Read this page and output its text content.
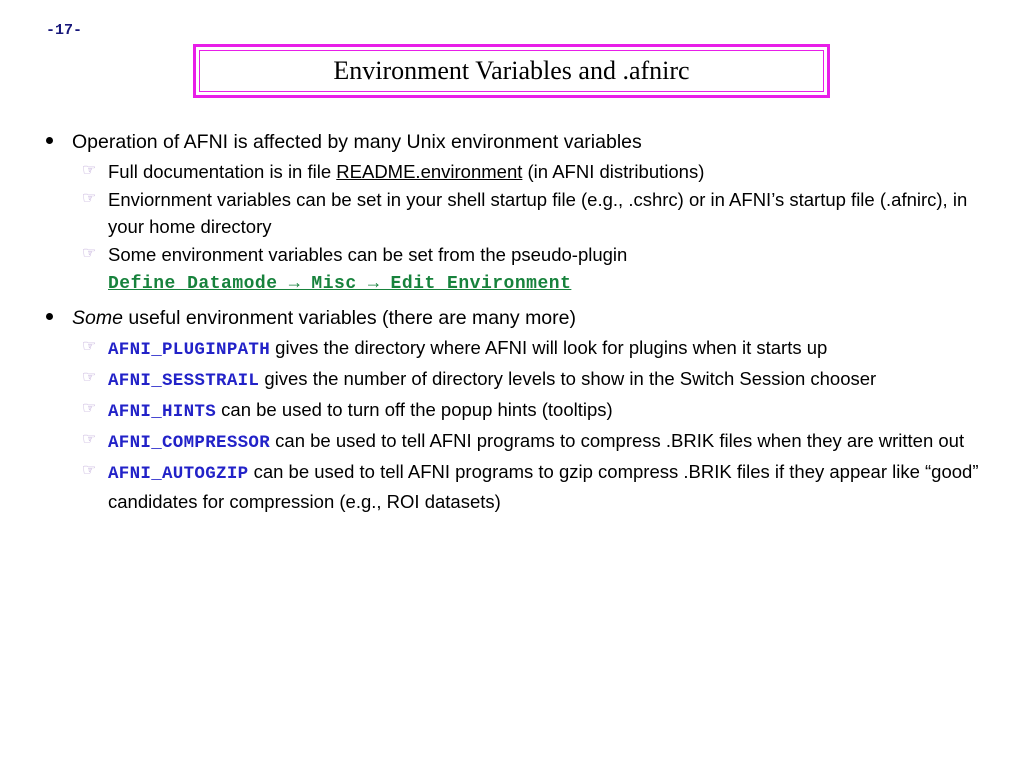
-17-
Environment Variables and .afnirc
Operation of AFNI is affected by many Unix environment variables
☞ Full documentation is in file README.environment (in AFNI distributions)
☞ Enviornment variables can be set in your shell startup file (e.g., .cshrc) or in AFNI’s startup file (.afnirc), in your home directory
☞ Some environment variables can be set from the pseudo-plugin
Define Datamode → Misc → Edit Environment
Some useful environment variables (there are many more)
☞ AFNI_PLUGINPATH gives the directory where AFNI will look for plugins when it starts up
☞ AFNI_SESSTRAIL gives the number of directory levels to show in the Switch Session chooser
☞ AFNI_HINTS can be used to turn off the popup hints (tooltips)
☞ AFNI_COMPRESSOR can be used to tell AFNI programs to compress .BRIK files when they are written out
☞ AFNI_AUTOGZIP can be used to tell AFNI programs to gzip compress .BRIK files if they appear like “good” candidates for compression (e.g., ROI datasets)
